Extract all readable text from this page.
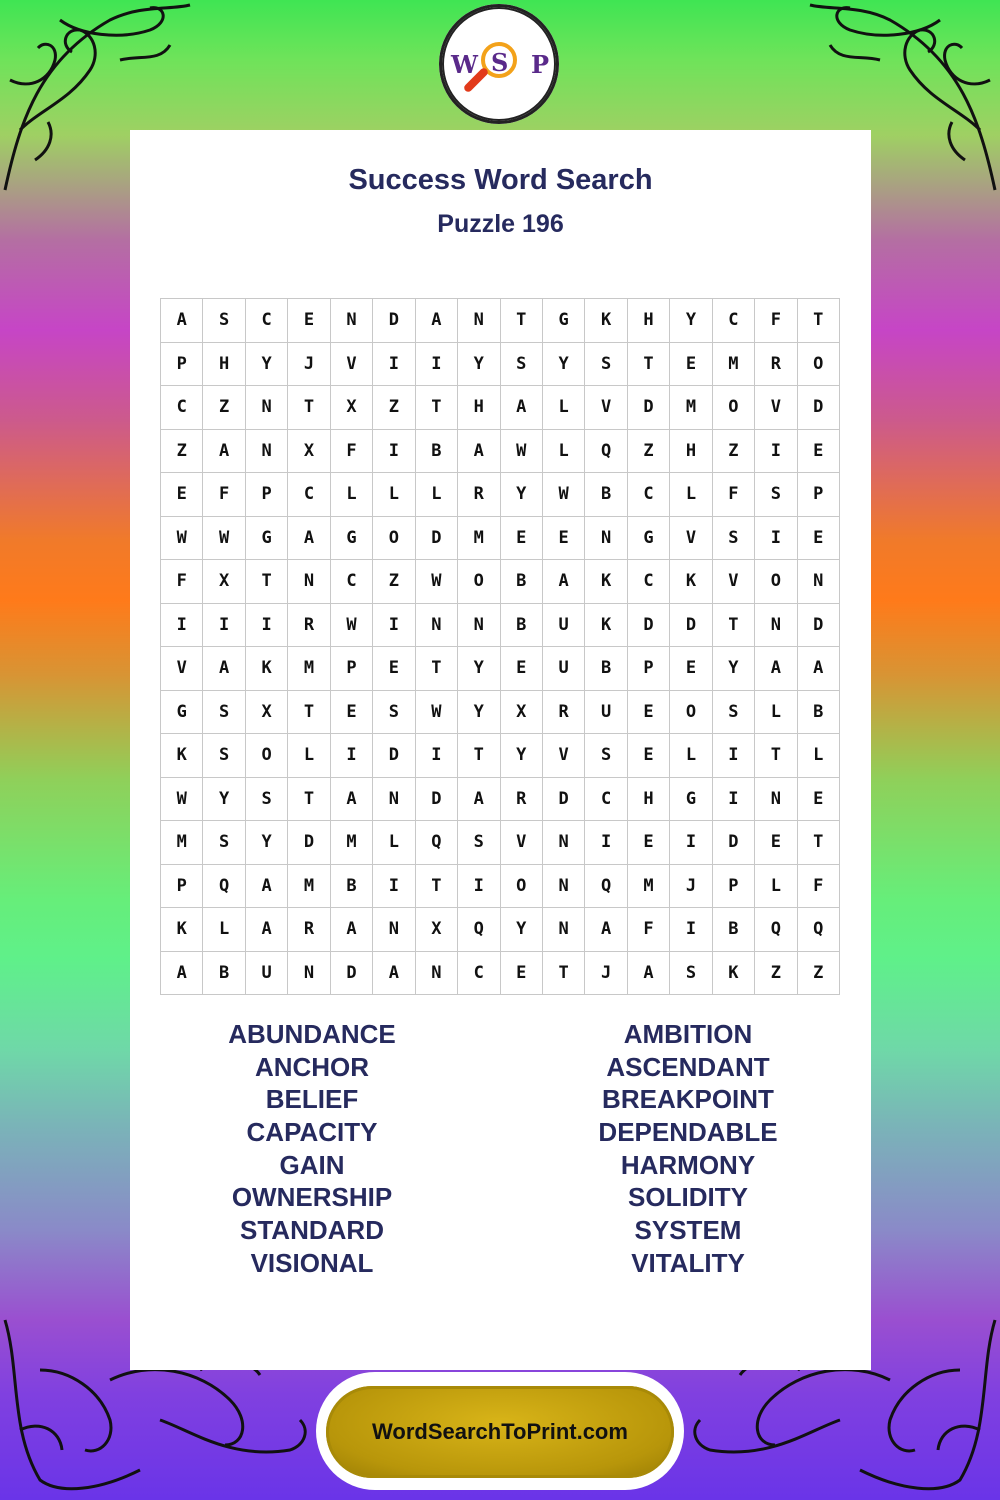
W S P
Success Word Search
Puzzle 196
A	S	C	E	N	D	A	N	T	G	K	H	Y	C	F	T
P	H	Y	J	V	I	I	Y	S	Y	S	T	E	M	R	O
C	Z	N	T	X	Z	T	H	A	L	V	D	M	O	V	D
Z	A	N	X	F	I	B	A	W	L	Q	Z	H	Z	I	E
E	F	P	C	L	L	L	R	Y	W	B	C	L	F	S	P
W	W	G	A	G	O	D	M	E	E	N	G	V	S	I	E
F	X	T	N	C	Z	W	O	B	A	K	C	K	V	O	N
I	I	I	R	W	I	N	N	B	U	K	D	D	T	N	D
V	A	K	M	P	E	T	Y	E	U	B	P	E	Y	A	A
G	S	X	T	E	S	W	Y	X	R	U	E	O	S	L	B
K	S	O	L	I	D	I	T	Y	V	S	E	L	I	T	L
W	Y	S	T	A	N	D	A	R	D	C	H	G	I	N	E
M	S	Y	D	M	L	Q	S	V	N	I	E	I	D	E	T
P	Q	A	M	B	I	T	I	O	N	Q	M	J	P	L	F
K	L	A	R	A	N	X	Q	Y	N	A	F	I	B	Q	Q
A	B	U	N	D	A	N	C	E	T	J	A	S	K	Z	Z
ABUNDANCE
ANCHOR
BELIEF
CAPACITY
GAIN
OWNERSHIP
STANDARD
VISIONAL
AMBITION
ASCENDANT
BREAKPOINT
DEPENDABLE
HARMONY
SOLIDITY
SYSTEM
VITALITY
WordSearchToPrint.com
